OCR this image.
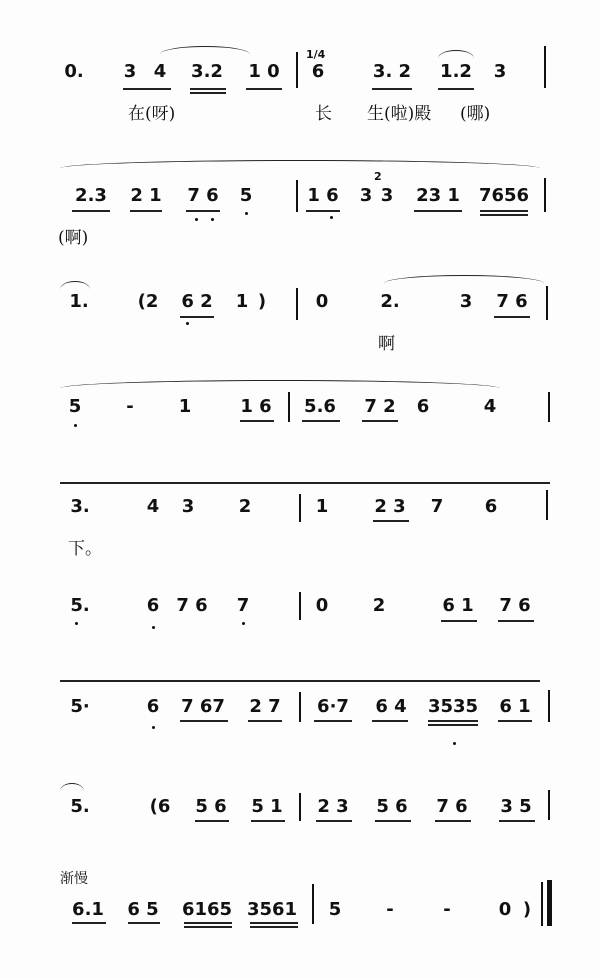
0. 3 4 3.2 1 0 6	3. 2 1.2 3
在(呀)	长 生(啦)殿 (哪)
1/4
2.3 2 1 7 6 5	1 6 3 3 23 1 7656
(啊)
2
1.	(2 6 2 1 )	0	2.	3 7 6
啊
5 - 1	1 6 5.6 7 2 6	4
3.	4 3 2	1	2 3 7 6
下。
5.	6 7 6 7	0 2	6 1 7 6
5·	6 7 67 2 7 6·7 6 4 3535 6 1
5.	(6 5 6 5 1 2 3 5 6 7 6 3 5
6.1 6 5 6165 3561 5 -	-	0 )
渐慢
